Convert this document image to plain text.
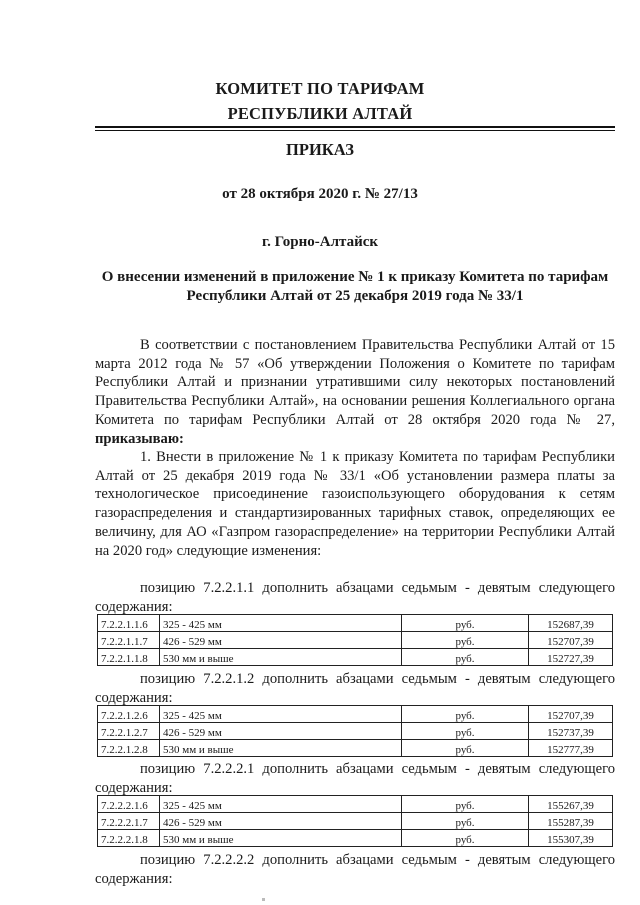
КОМИТЕТ ПО ТАРИФАМ
РЕСПУБЛИКИ АЛТАЙ
ПРИКАЗ
от 28 октября 2020 г. № 27/13
г. Горно-Алтайск
О внесении изменений в приложение № 1 к приказу Комитета по тарифам Республики Алтай от 25 декабря 2019 года № 33/1
В соответствии с постановлением Правительства Республики Алтай от 15 марта 2012 года № 57 «Об утверждении Положения о Комитете по тарифам Республики Алтай и признании утратившими силу некоторых постановлений Правительства Республики Алтай», на основании решения Коллегиального органа Комитета по тарифам Республики Алтай от 28 октября 2020 года № 27, приказываю:
1. Внести в приложение № 1 к приказу Комитета по тарифам Республики Алтай от 25 декабря 2019 года № 33/1 «Об установлении размера платы за технологическое присоединение газоиспользующего оборудования к сетям газораспределения и стандартизированных тарифных ставок, определяющих ее величину, для АО «Газпром газораспределение» на территории Республики Алтай на 2020 год» следующие изменения:
позицию 7.2.2.1.1 дополнить абзацами седьмым - девятым следующего содержания:
7.2.2.1.1.6	325 - 425 мм	руб.	152687,39
7.2.2.1.1.7	426 - 529 мм	руб.	152707,39
7.2.2.1.1.8	530 мм и выше	руб.	152727,39
позицию 7.2.2.1.2 дополнить абзацами седьмым - девятым следующего содержания:
7.2.2.1.2.6	325 - 425 мм	руб.	152707,39
7.2.2.1.2.7	426 - 529 мм	руб.	152737,39
7.2.2.1.2.8	530 мм и выше	руб.	152777,39
позицию 7.2.2.2.1 дополнить абзацами седьмым - девятым следующего содержания:
7.2.2.2.1.6	325 - 425 мм	руб.	155267,39
7.2.2.2.1.7	426 - 529 мм	руб.	155287,39
7.2.2.2.1.8	530 мм и выше	руб.	155307,39
позицию 7.2.2.2.2 дополнить абзацами седьмым - девятым следующего содержания:
